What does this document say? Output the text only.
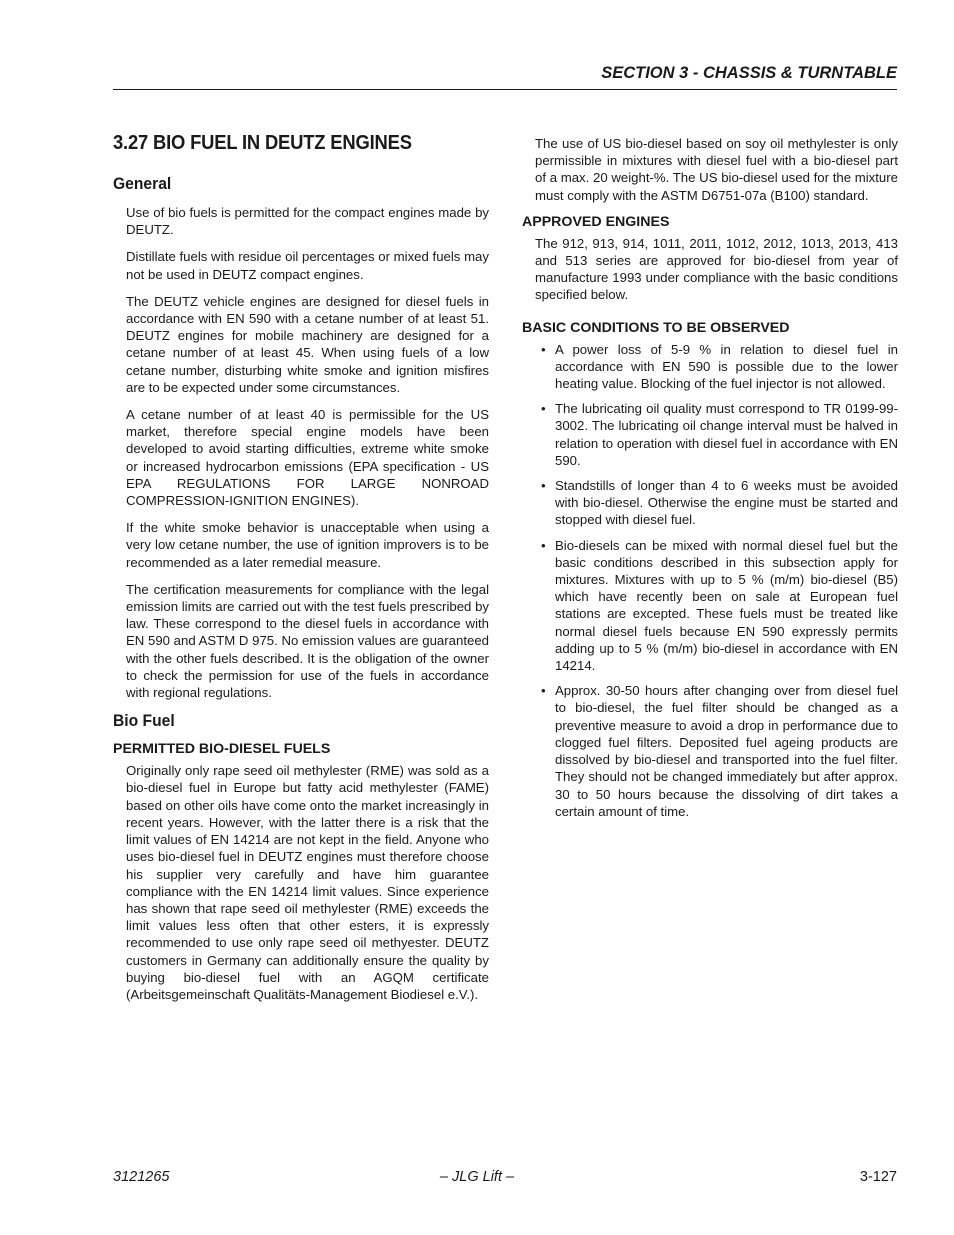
SECTION 3 - CHASSIS & TURNTABLE
3.27 BIO FUEL IN DEUTZ ENGINES
General

Use of bio fuels is permitted for the compact engines made by DEUTZ.

Distillate fuels with residue oil percentages or mixed fuels may not be used in DEUTZ compact engines.

The DEUTZ vehicle engines are designed for diesel fuels in accordance with EN 590 with a cetane number of at least 51. DEUTZ engines for mobile machinery are designed for a cetane number of at least 45. When using fuels of a low cetane number, disturbing white smoke and ignition misfires are to be expected under some circumstances.

A cetane number of at least 40 is permissible for the US market, therefore special engine models have been developed to avoid starting difficulties, extreme white smoke or increased hydrocarbon emissions (EPA specification - US EPA REGULATIONS FOR LARGE NONROAD COMPRESSION-IGNITION ENGINES).

If the white smoke behavior is unacceptable when using a very low cetane number, the use of ignition improvers is to be recommended as a later remedial measure.

The certification measurements for compliance with the legal emission limits are carried out with the test fuels prescribed by law. These correspond to the diesel fuels in accordance with EN 590 and ASTM D 975. No emission values are guaranteed with the other fuels described. It is the obligation of the owner to check the permission for use of the fuels in accordance with regional regulations.

Bio Fuel
PERMITTED BIO-DIESEL FUELS

Originally only rape seed oil methylester (RME) was sold as a bio-diesel fuel in Europe but fatty acid methylester (FAME) based on other oils have come onto the market increasingly in recent years. However, with the latter there is a risk that the limit values of EN 14214 are not kept in the field. Anyone who uses bio-diesel fuel in DEUTZ engines must therefore choose his supplier very carefully and have him guarantee compliance with the EN 14214 limit values. Since experience has shown that rape seed oil methylester (RME) exceeds the limit values less often that other esters, it is expressly recommended to use only rape seed oil methyester. DEUTZ customers in Germany can additionally ensure the quality by buying bio-diesel fuel with an AGQM certificate (Arbeitsgemeinschaft Qualitäts-Management Biodiesel e.V.).

The use of US bio-diesel based on soy oil methylester is only permissible in mixtures with diesel fuel with a bio-diesel part of a max. 20 weight-%. The US bio-diesel used for the mixture must comply with the ASTM D6751-07a (B100) standard.

APPROVED ENGINES

The 912, 913, 914, 1011, 2011, 1012, 2012, 1013, 2013, 413 and 513 series are approved for bio-diesel from year of manufacture 1993 under compliance with the basic conditions specified below.

BASIC CONDITIONS TO BE OBSERVED
• A power loss of 5-9 % in relation to diesel fuel in accordance with EN 590 is possible due to the lower heating value. Blocking of the fuel injector is not allowed.
• The lubricating oil quality must correspond to TR 0199-99-3002. The lubricating oil change interval must be halved in relation to operation with diesel fuel in accordance with EN 590.
• Standstills of longer than 4 to 6 weeks must be avoided with bio-diesel. Otherwise the engine must be started and stopped with diesel fuel.
• Bio-diesels can be mixed with normal diesel fuel but the basic conditions described in this subsection apply for mixtures. Mixtures with up to 5 % (m/m) bio-diesel (B5) which have recently been on sale at European fuel stations are excepted. These fuels must be treated like normal diesel fuels because EN 590 expressly permits adding up to 5 % (m/m) bio-diesel in accordance with EN 14214.
• Approx. 30-50 hours after changing over from diesel fuel to bio-diesel, the fuel filter should be changed as a preventive measure to avoid a drop in performance due to clogged fuel filters. Deposited fuel ageing products are dissolved by bio-diesel and transported into the fuel filter. They should not be changed immediately but after approx. 30 to 50 hours because the dissolving of dirt takes a certain amount of time.
– JLG Lift –
3121265	3-127
